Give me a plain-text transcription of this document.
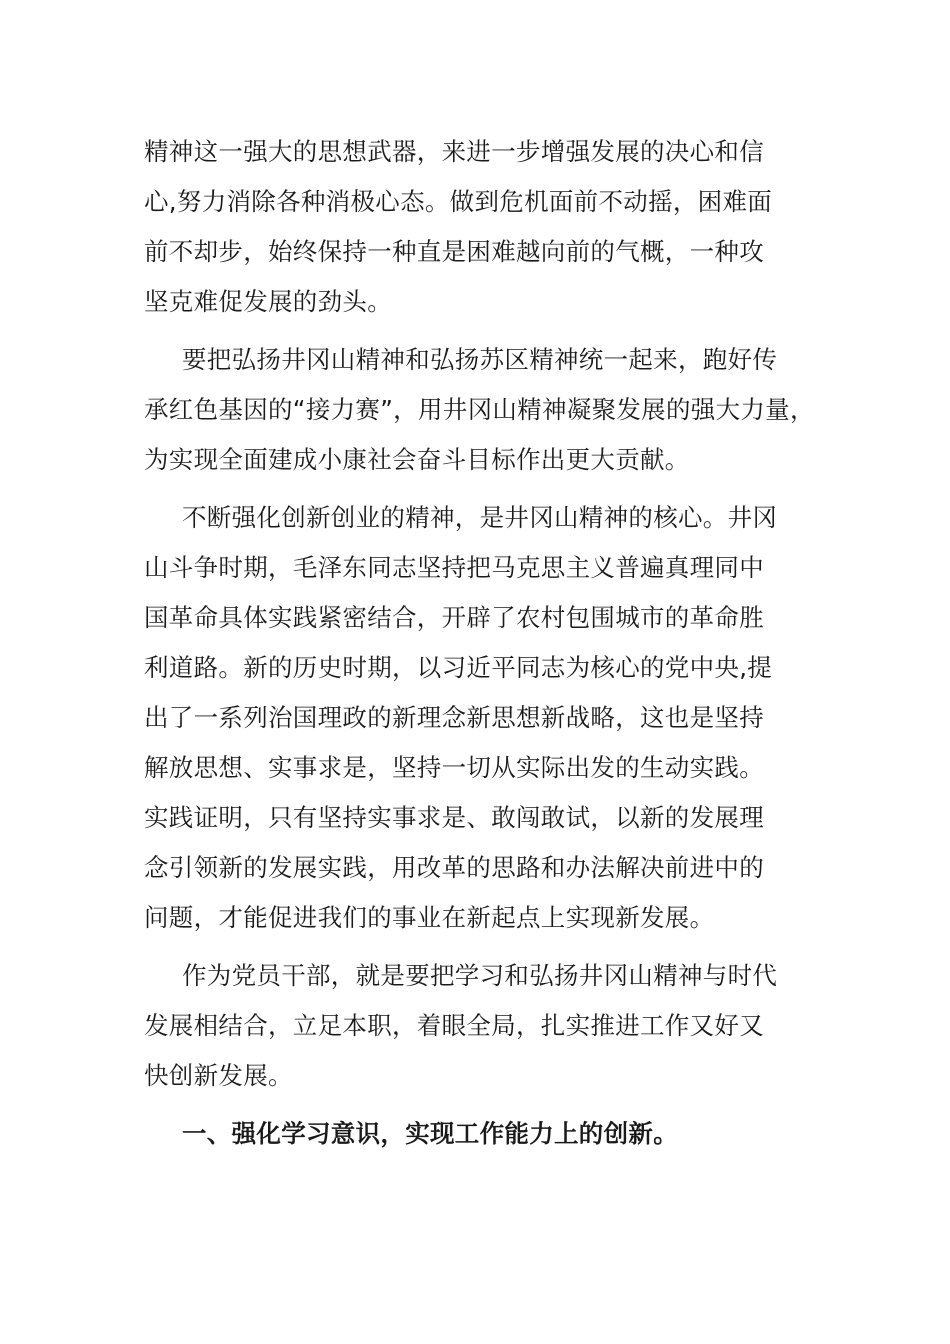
精神这一强大的思想武器，来进一步增强发展的决心和信
心,努力消除各种消极心态。做到危机面前不动摇，困难面
前不却步，始终保持一种直是困难越向前的气概，一种攻
坚克难促发展的劲头。

要把弘扬井冈山精神和弘扬苏区精神统一起来，跑好传
承红色基因的“接力赛”，用井冈山精神凝聚发展的强大力量，
为实现全面建成小康社会奋斗目标作出更大贡献。

不断强化创新创业的精神，是井冈山精神的核心。井冈
山斗争时期，毛泽东同志坚持把马克思主义普遍真理同中
国革命具体实践紧密结合，开辟了农村包围城市的革命胜
利道路。新的历史时期，以习近平同志为核心的党中央,提
出了一系列治国理政的新理念新思想新战略，这也是坚持
解放思想、实事求是，坚持一切从实际出发的生动实践。
实践证明，只有坚持实事求是、敢闯敢试，以新的发展理
念引领新的发展实践，用改革的思路和办法解决前进中的
问题，才能促进我们的事业在新起点上实现新发展。

作为党员干部，就是要把学习和弘扬井冈山精神与时代
发展相结合，立足本职，着眼全局，扎实推进工作又好又
快创新发展。

一、强化学习意识，实现工作能力上的创新。
